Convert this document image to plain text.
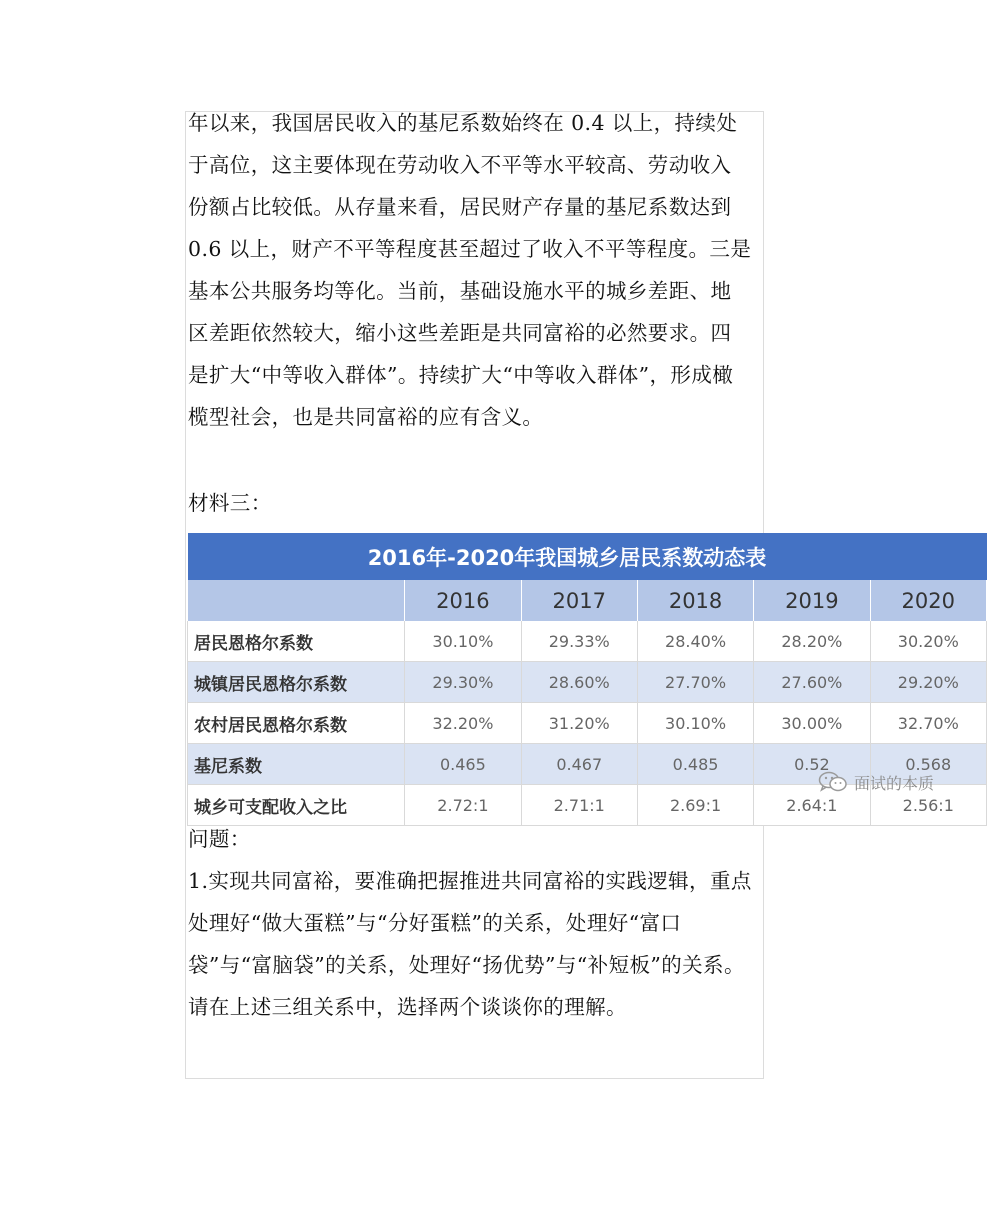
年以来，我国居民收入的基尼系数始终在 0.4 以上，持续处于高位，这主要体现在劳动收入不平等水平较高、劳动收入份额占比较低。从存量来看，居民财产存量的基尼系数达到 0.6 以上，财产不平等程度甚至超过了收入不平等程度。三是基本公共服务均等化。当前，基础设施水平的城乡差距、地区差距依然较大，缩小这些差距是共同富裕的必然要求。四是扩大“中等收入群体”。持续扩大“中等收入群体”，形成橄榄型社会，也是共同富裕的应有含义。

材料三：

2016年-2020年我国城乡居民系数动态表					
	2016	2017	2018	2019	2020
居民恩格尔系数	30.10%	29.33%	28.40%	28.20%	30.20%
城镇居民恩格尔系数	29.30%	28.60%	27.70%	27.60%	29.20%
农村居民恩格尔系数	32.20%	31.20%	30.10%	30.00%	32.70%
基尼系数	0.465	0.467	0.485	0.52	0.568
城乡可支配收入之比	2.72:1	2.71:1	2.69:1	2.64:1	2.56:1
面试的本质

问题：

1.实现共同富裕，要准确把握推进共同富裕的实践逻辑，重点处理好“做大蛋糕”与“分好蛋糕”的关系，处理好“富口袋”与“富脑袋”的关系，处理好“扬优势”与“补短板”的关系。请在上述三组关系中，选择两个谈谈你的理解。
